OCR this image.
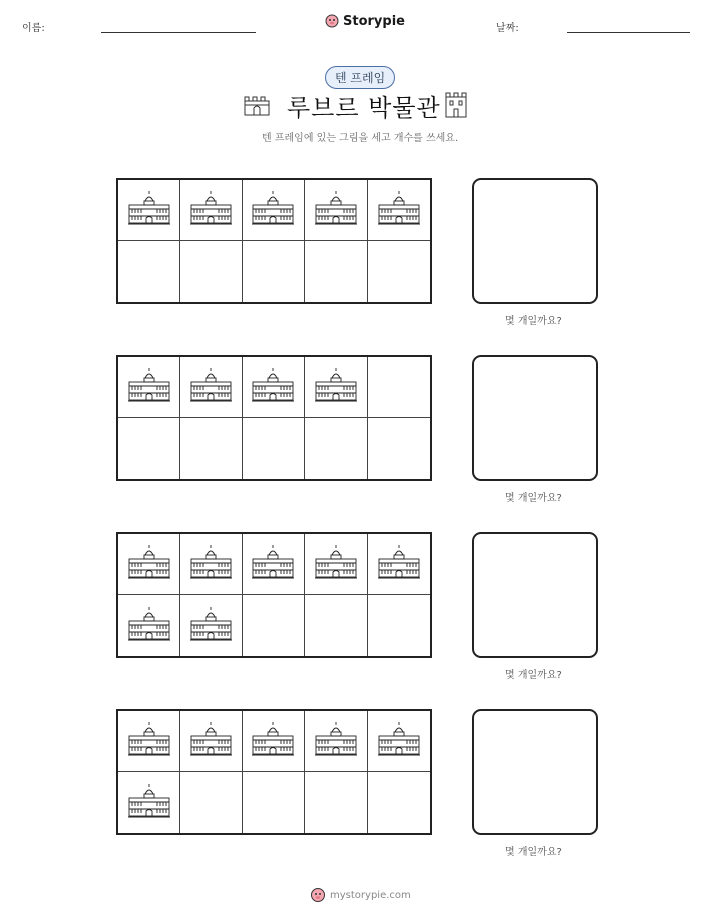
이름:	Storypie	날짜:
텐 프레임
루브르 박물관
텐 프레임에 있는 그림을 세고 개수를 쓰세요.
몇 개일까요?
몇 개일까요?
몇 개일까요?
몇 개일까요?
mystorypie.com
